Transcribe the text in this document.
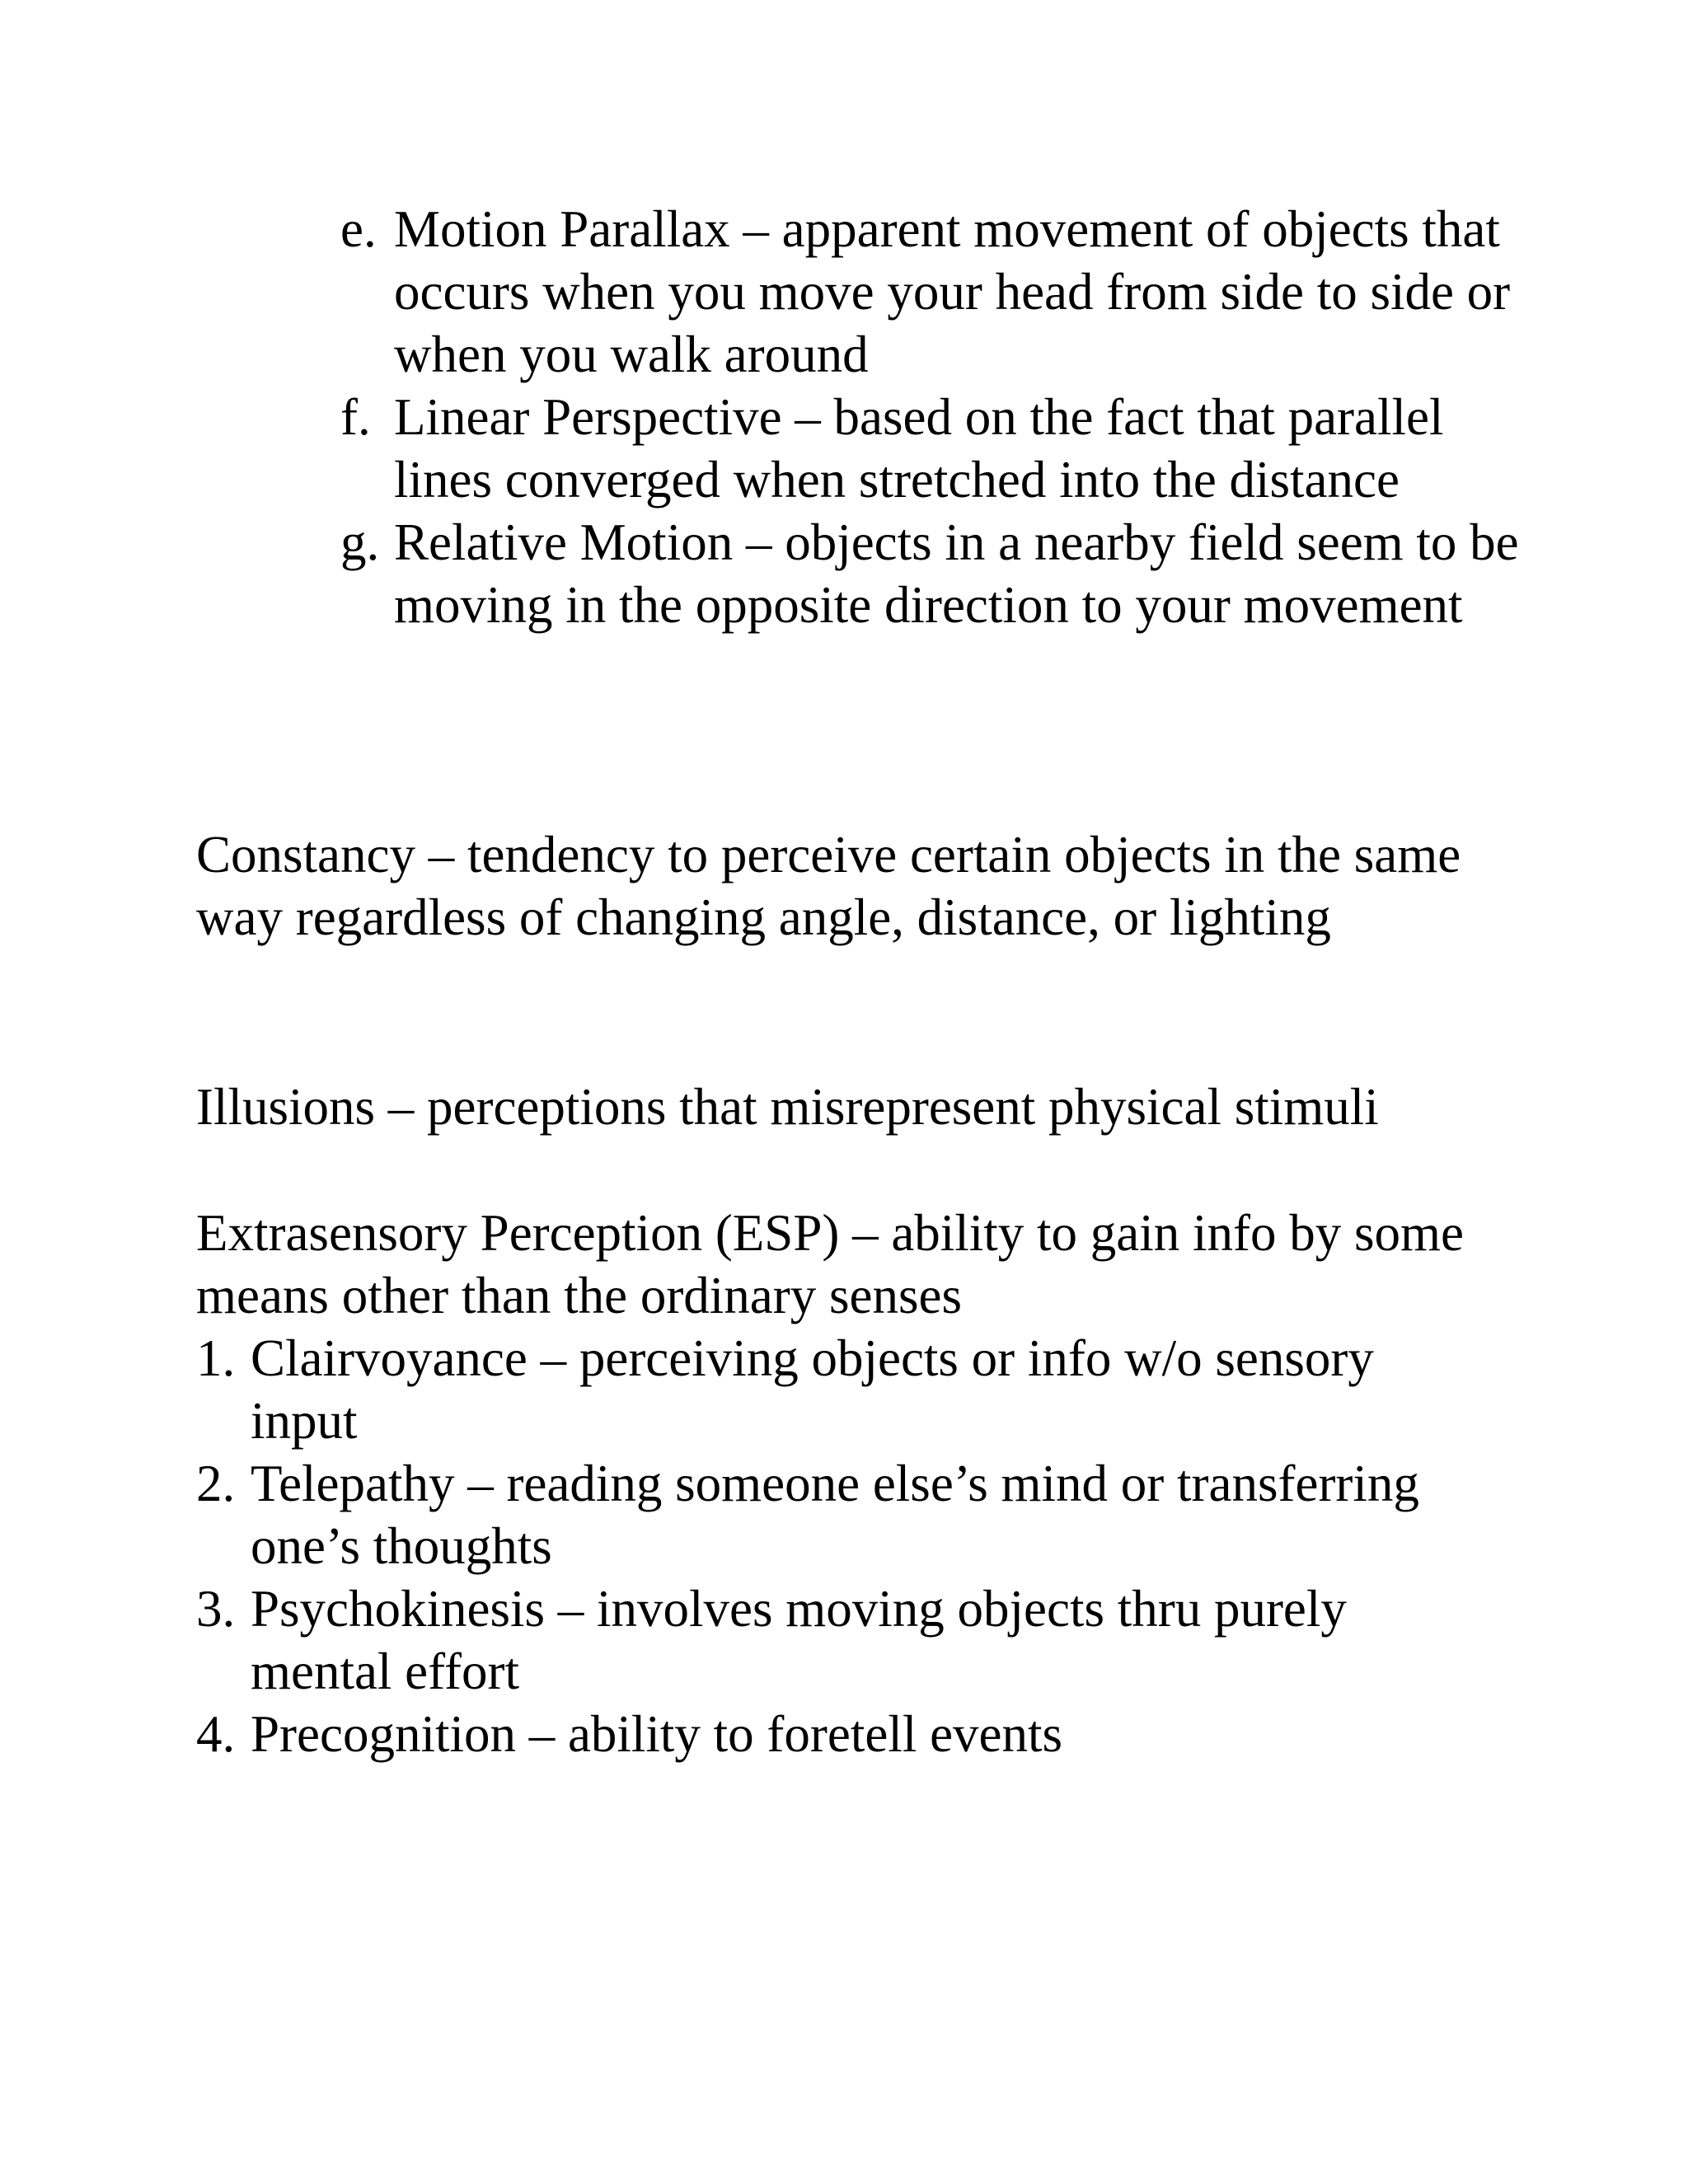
e. Motion Parallax – apparent movement of objects that occurs when you move your head from side to side or when you walk around
f. Linear Perspective – based on the fact that parallel lines converged when stretched into the distance
g. Relative Motion – objects in a nearby field seem to be moving in the opposite direction to your movement

Constancy – tendency to perceive certain objects in the same way regardless of changing angle, distance, or lighting

Illusions – perceptions that misrepresent physical stimuli

Extrasensory Perception (ESP) – ability to gain info by some means other than the ordinary senses

1. Clairvoyance – perceiving objects or info w/o sensory input
2. Telepathy – reading someone else’s mind or transferring one’s thoughts
3. Psychokinesis – involves moving objects thru purely mental effort
4. Precognition – ability to foretell events
